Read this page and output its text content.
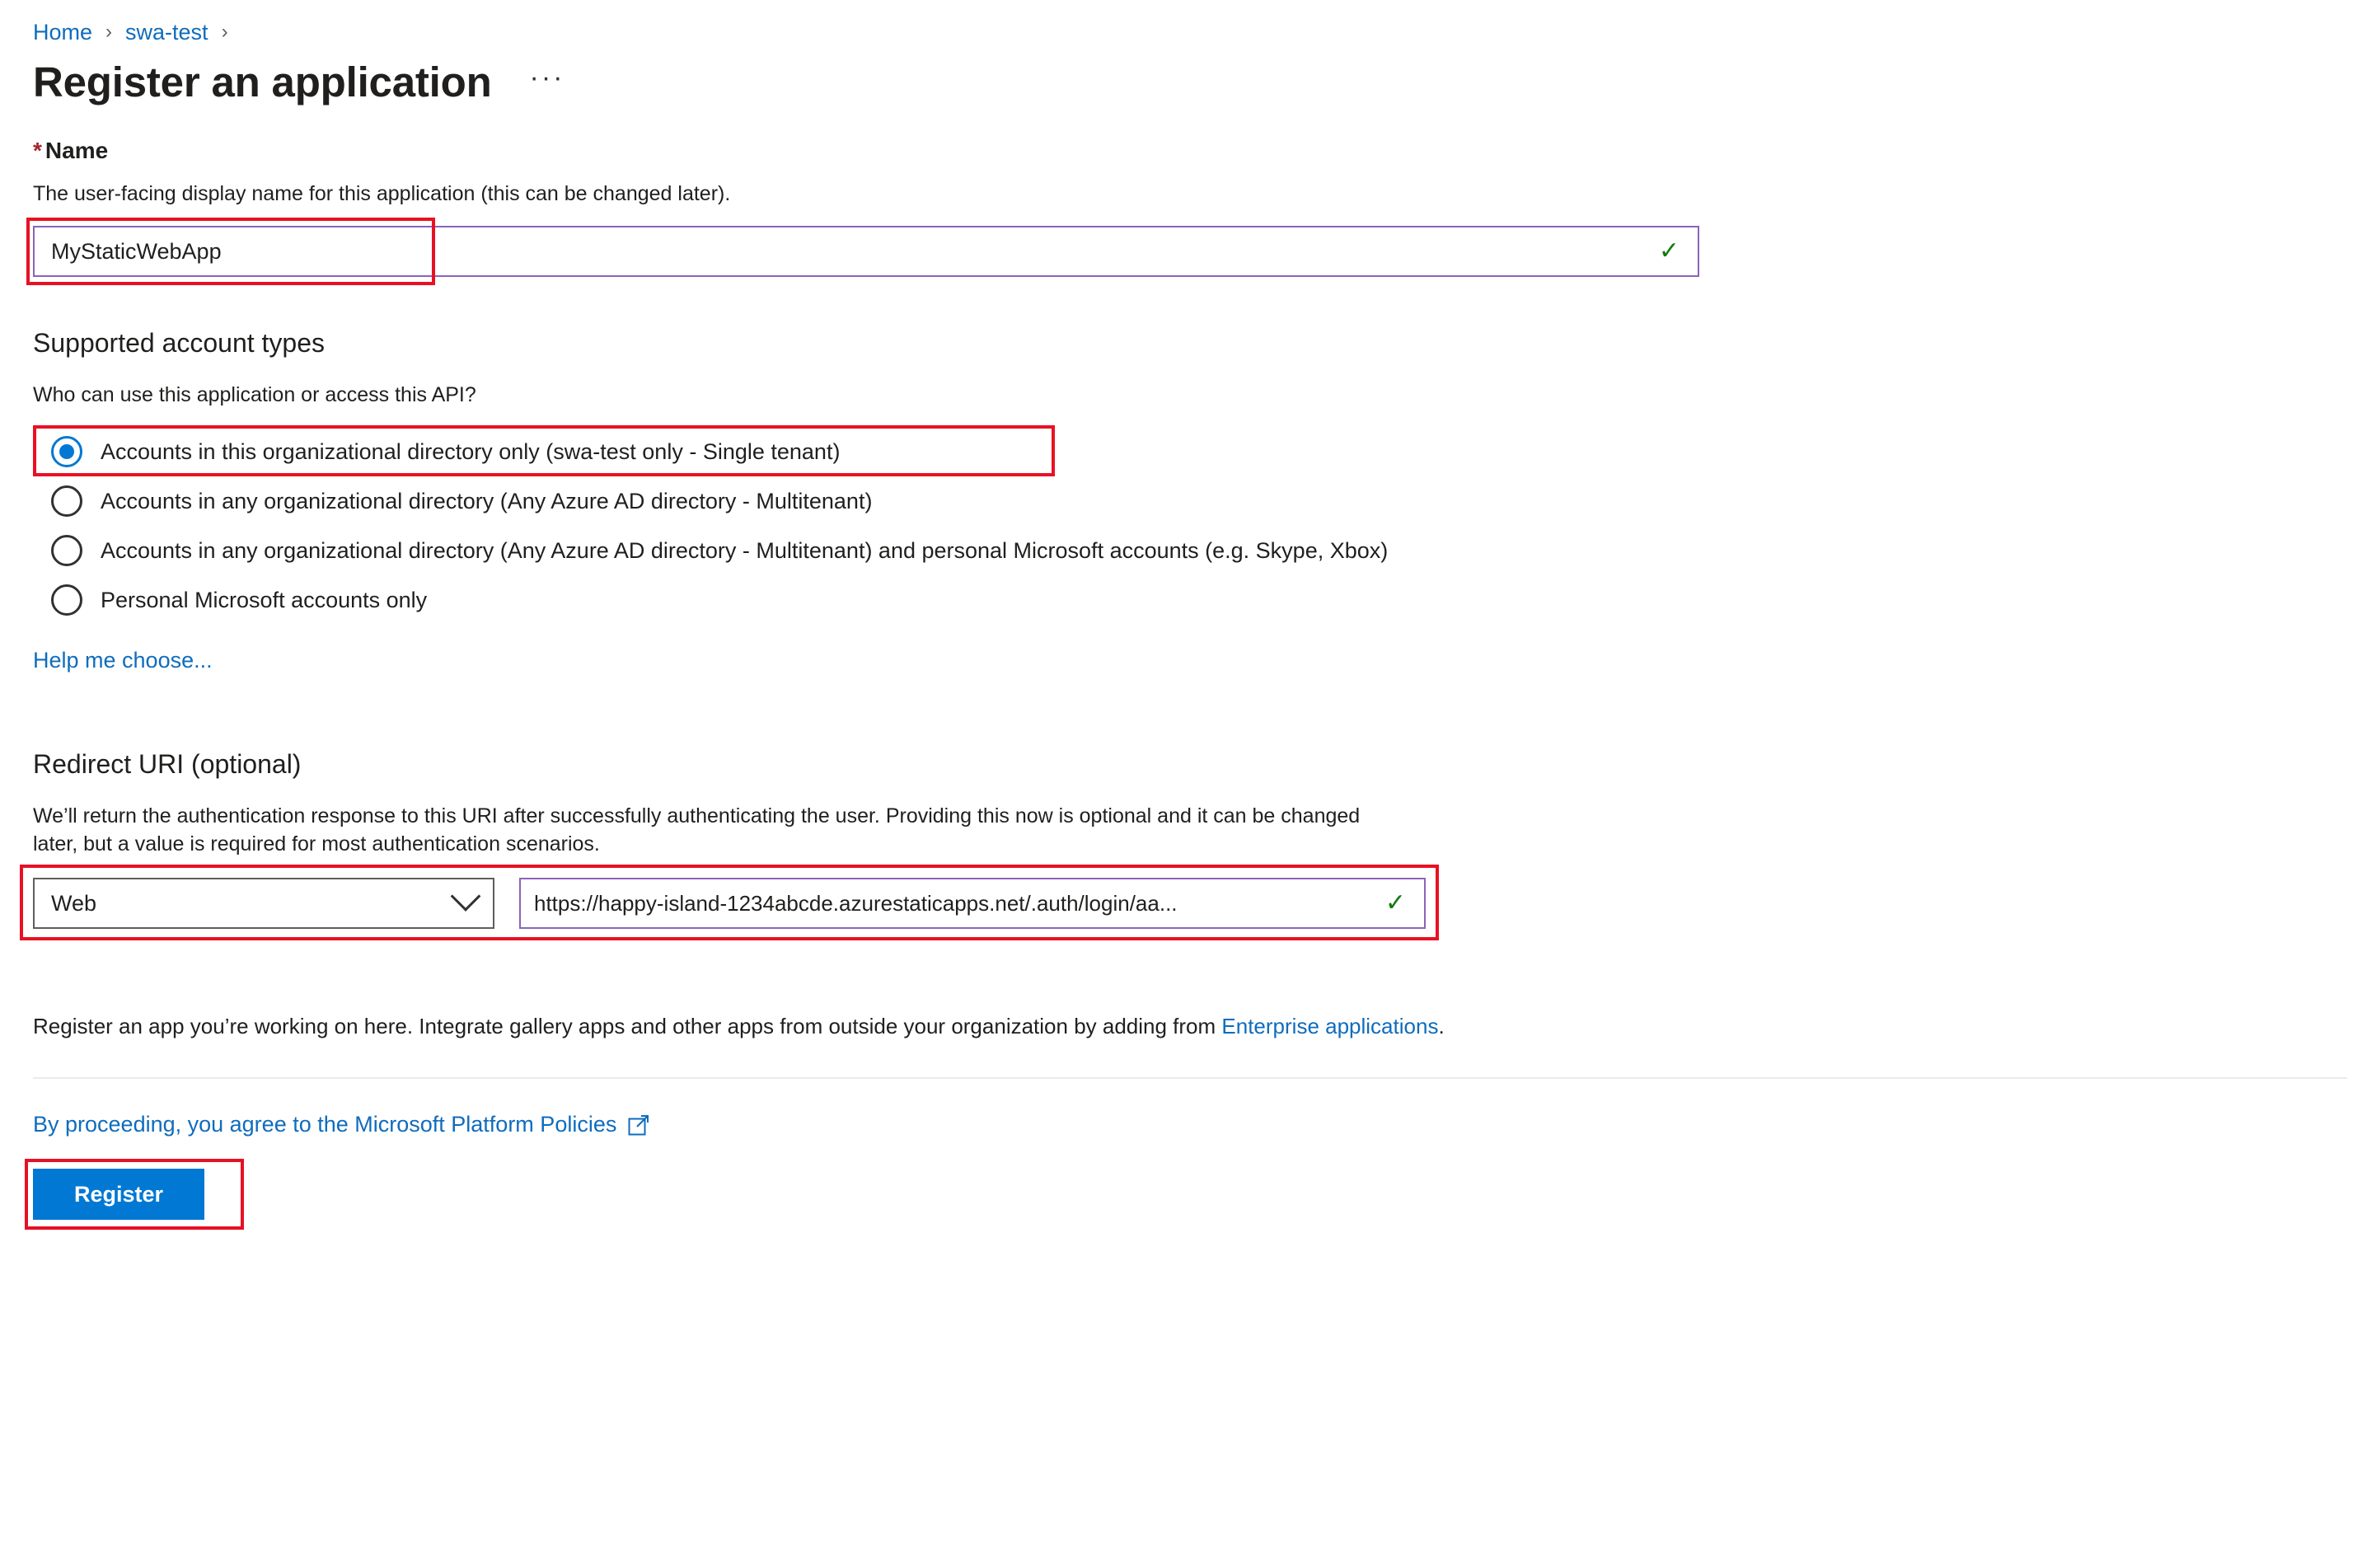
Home › swa-test ›
Register an application ···
* Name
The user-facing display name for this application (this can be changed later).
MyStaticWebApp
✓
Supported account types
Who can use this application or access this API?
Accounts in this organizational directory only (swa-test only - Single tenant)
Accounts in any organizational directory (Any Azure AD directory - Multitenant)
Accounts in any organizational directory (Any Azure AD directory - Multitenant) and personal Microsoft accounts (e.g. Skype, Xbox)
Personal Microsoft accounts only
Help me choose...
Redirect URI (optional)
We’ll return the authentication response to this URI after successfully authenticating the user. Providing this now is optional and it can be changed later, but a value is required for most authentication scenarios.
Web
https://happy-island-1234abcde.azurestaticapps.net/.auth/login/aa...	✓
Register an app you’re working on here. Integrate gallery apps and other apps from outside your organization by adding from Enterprise applications.
By proceeding, you agree to the Microsoft Platform Policies
Register
